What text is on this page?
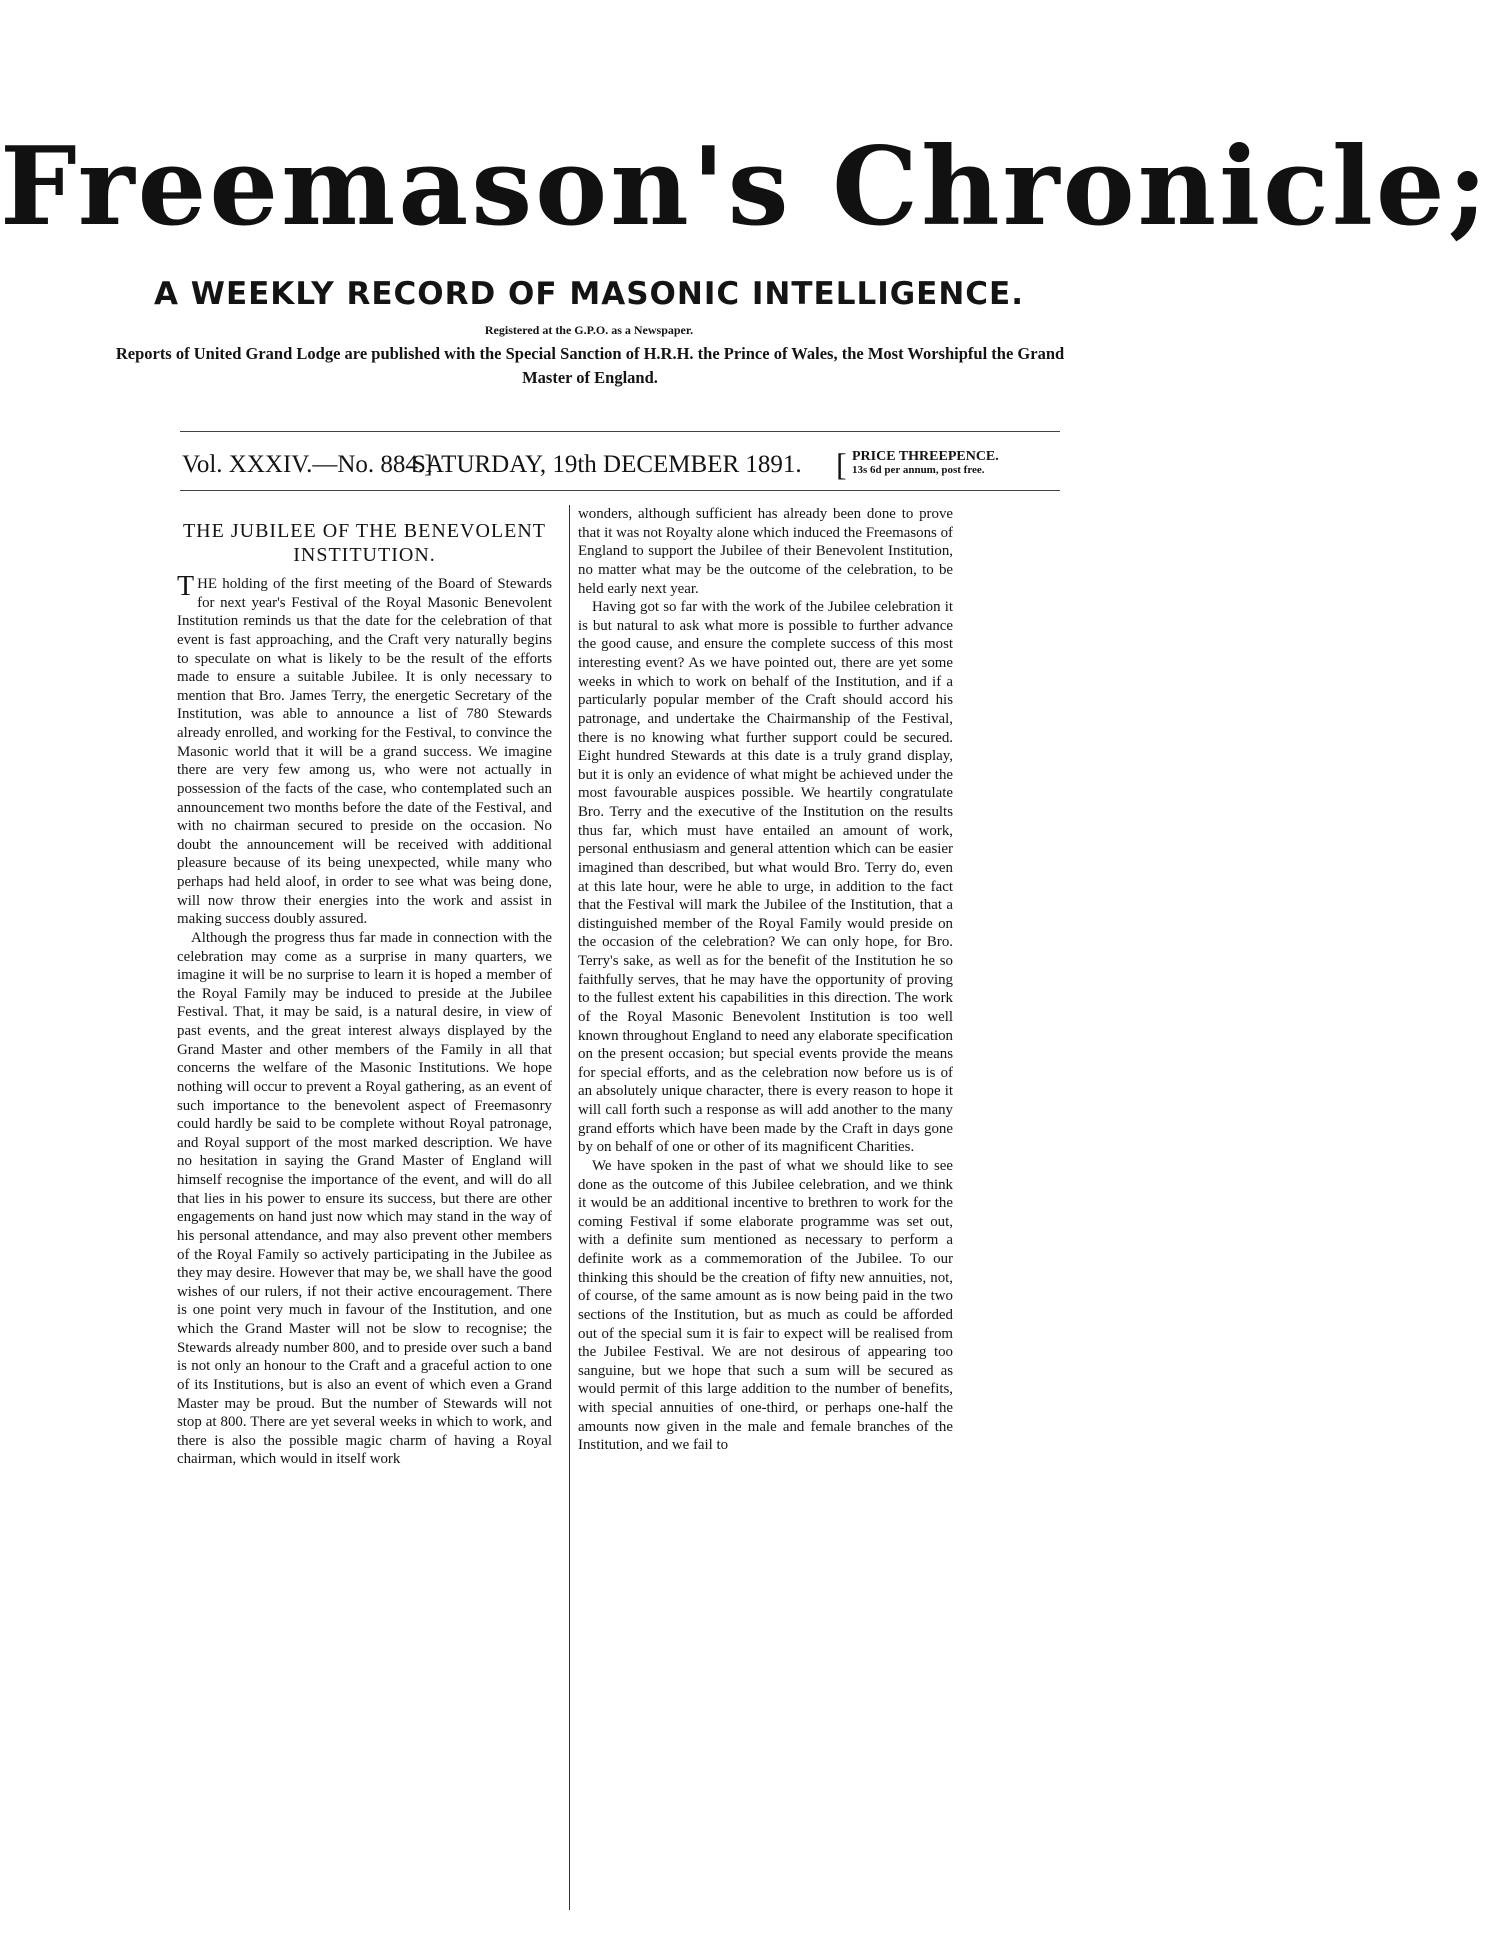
Freemason's Chronicle;
A WEEKLY RECORD OF MASONIC INTELLIGENCE.
Registered at the G.P.O. as a Newspaper.
Reports of United Grand Lodge are published with the Special Sanction of H.R.H. the Prince of Wales, the Most Worshipful the Grand Master of England.
Vol. XXXIV.—No. 884.]
SATURDAY, 19th DECEMBER 1891. [ PRICE THREEPENCE.
13s 6d per annum, post free.
THE JUBILEE OF THE BENEVOLENT INSTITUTION.

THE holding of the first meeting of the Board of Stewards for next year's Festival of the Royal Masonic Benevolent Institution reminds us that the date for the celebration of that event is fast approaching, and the Craft very naturally begins to speculate on what is likely to be the result of the efforts made to ensure a suitable Jubilee. It is only necessary to mention that Bro. James Terry, the energetic Secretary of the Institution, was able to announce a list of 780 Stewards already enrolled, and working for the Festival, to convince the Masonic world that it will be a grand success. We imagine there are very few among us, who were not actually in possession of the facts of the case, who contemplated such an announcement two months before the date of the Festival, and with no chairman secured to preside on the occasion. No doubt the announcement will be received with additional pleasure because of its being unexpected, while many who perhaps had held aloof, in order to see what was being done, will now throw their energies into the work and assist in making success doubly assured.

Although the progress thus far made in connection with the celebration may come as a surprise in many quarters, we imagine it will be no surprise to learn it is hoped a member of the Royal Family may be induced to preside at the Jubilee Festival. That, it may be said, is a natural desire, in view of past events, and the great interest always displayed by the Grand Master and other members of the Family in all that concerns the welfare of the Masonic Institutions. We hope nothing will occur to prevent a Royal gathering, as an event of such importance to the benevolent aspect of Freemasonry could hardly be said to be complete without Royal patronage, and Royal support of the most marked description. We have no hesitation in saying the Grand Master of England will himself recognise the importance of the event, and will do all that lies in his power to ensure its success, but there are other engagements on hand just now which may stand in the way of his personal attendance, and may also prevent other members of the Royal Family so actively participating in the Jubilee as they may desire. However that may be, we shall have the good wishes of our rulers, if not their active encouragement. There is one point very much in favour of the Institution, and one which the Grand Master will not be slow to recognise; the Stewards already number 800, and to preside over such a band is not only an honour to the Craft and a graceful action to one of its Institutions, but is also an event of which even a Grand Master may be proud. But the number of Stewards will not stop at 800. There are yet several weeks in which to work, and there is also the possible magic charm of having a Royal chairman, which would in itself work

wonders, although sufficient has already been done to prove that it was not Royalty alone which induced the Freemasons of England to support the Jubilee of their Benevolent Institution, no matter what may be the outcome of the celebration, to be held early next year.

Having got so far with the work of the Jubilee celebration it is but natural to ask what more is possible to further advance the good cause, and ensure the complete success of this most interesting event? As we have pointed out, there are yet some weeks in which to work on behalf of the Institution, and if a particularly popular member of the Craft should accord his patronage, and undertake the Chairmanship of the Festival, there is no knowing what further support could be secured. Eight hundred Stewards at this date is a truly grand display, but it is only an evidence of what might be achieved under the most favourable auspices possible. We heartily congratulate Bro. Terry and the executive of the Institution on the results thus far, which must have entailed an amount of work, personal enthusiasm and general attention which can be easier imagined than described, but what would Bro. Terry do, even at this late hour, were he able to urge, in addition to the fact that the Festival will mark the Jubilee of the Institution, that a distinguished member of the Royal Family would preside on the occasion of the celebration? We can only hope, for Bro. Terry's sake, as well as for the benefit of the Institution he so faithfully serves, that he may have the opportunity of proving to the fullest extent his capabilities in this direction. The work of the Royal Masonic Benevolent Institution is too well known throughout England to need any elaborate specification on the present occasion; but special events provide the means for special efforts, and as the celebration now before us is of an absolutely unique character, there is every reason to hope it will call forth such a response as will add another to the many grand efforts which have been made by the Craft in days gone by on behalf of one or other of its magnificent Charities.

We have spoken in the past of what we should like to see done as the outcome of this Jubilee celebration, and we think it would be an additional incentive to brethren to work for the coming Festival if some elaborate programme was set out, with a definite sum mentioned as necessary to perform a definite work as a commemoration of the Jubilee. To our thinking this should be the creation of fifty new annuities, not, of course, of the same amount as is now being paid in the two sections of the Institution, but as much as could be afforded out of the special sum it is fair to expect will be realised from the Jubilee Festival. We are not desirous of appearing too sanguine, but we hope that such a sum will be secured as would permit of this large addition to the number of benefits, with special annuities of one-third, or perhaps one-half the amounts now given in the male and female branches of the Institution, and we fail to
